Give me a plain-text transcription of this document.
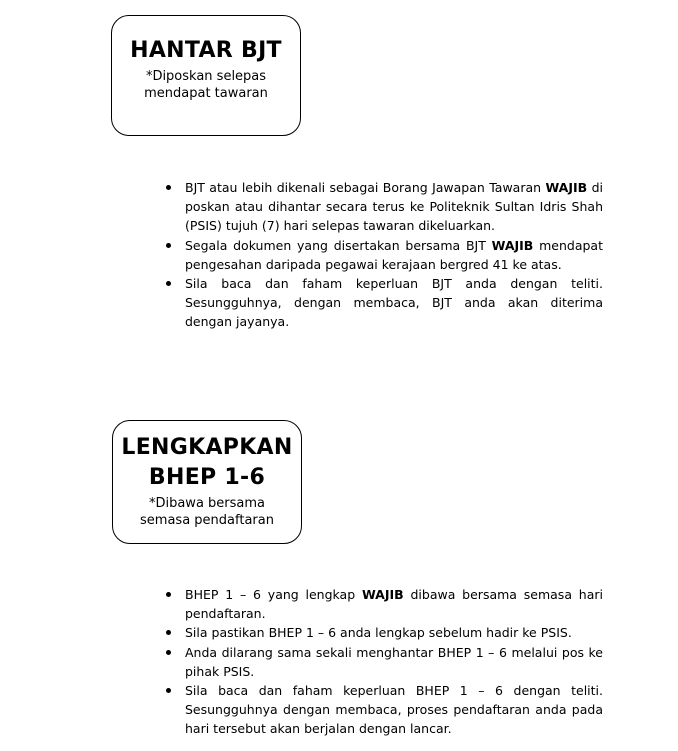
HANTAR BJT
*Diposkan selepas
mendapat tawaran
BJT atau lebih dikenali sebagai Borang Jawapan Tawaran WAJIB di poskan atau dihantar secara terus ke Politeknik Sultan Idris Shah (PSIS) tujuh (7) hari selepas tawaran dikeluarkan.
Segala dokumen yang disertakan bersama BJT WAJIB mendapat pengesahan daripada pegawai kerajaan bergred 41 ke atas.
Sila baca dan faham keperluan BJT anda dengan teliti. Sesungguhnya, dengan membaca, BJT anda akan diterima dengan jayanya.
LENGKAPKAN
BHEP 1-6
*Dibawa bersama
semasa pendaftaran
BHEP 1 – 6 yang lengkap WAJIB dibawa bersama semasa hari pendaftaran.
Sila pastikan BHEP 1 – 6 anda lengkap sebelum hadir ke PSIS.
Anda dilarang sama sekali menghantar BHEP 1 – 6 melalui pos ke pihak PSIS.
Sila baca dan faham keperluan BHEP 1 – 6 dengan teliti. Sesungguhnya dengan membaca, proses pendaftaran anda pada hari tersebut akan berjalan dengan lancar.
